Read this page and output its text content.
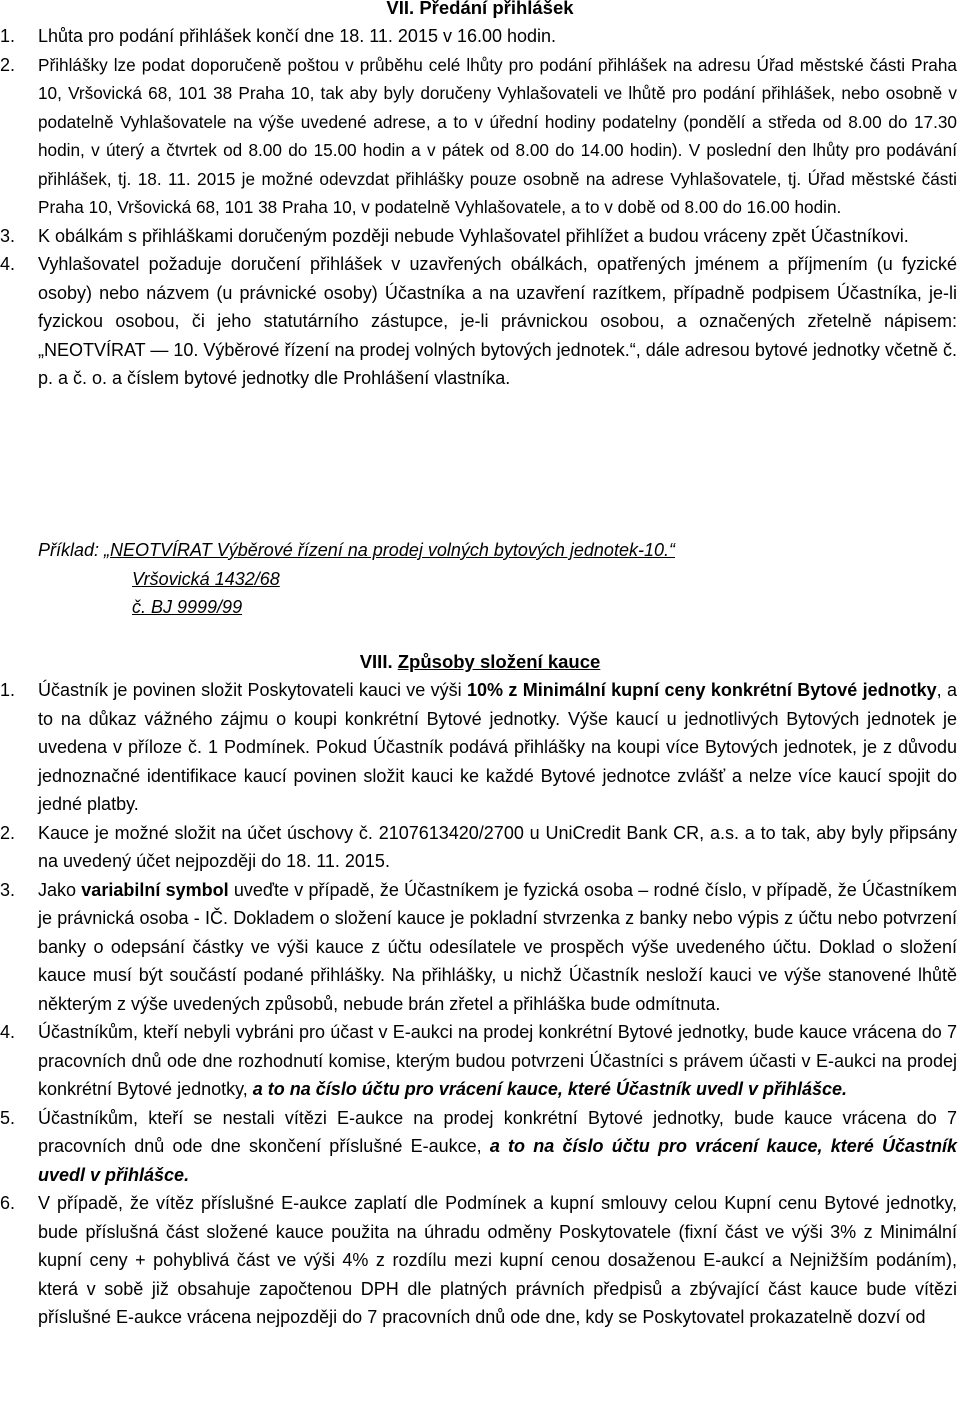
VII. Předání přihlášek
1. Lhůta pro podání přihlášek končí dne 18. 11. 2015 v 16.00 hodin.
2. Přihlášky lze podat doporučeně poštou v průběhu celé lhůty pro podání přihlášek na adresu Úřad městské části Praha 10, Vršovická 68, 101 38 Praha 10, tak aby byly doručeny Vyhlašovateli ve lhůtě pro podání přihlášek, nebo osobně v podatelně Vyhlašovatele na výše uvedené adrese, a to v úřední hodiny podatelny (pondělí a středa od 8.00 do 17.30 hodin, v úterý a čtvrtek od 8.00 do 15.00 hodin a v pátek od 8.00 do 14.00 hodin). V poslední den lhůty pro podávání přihlášek, tj. 18. 11. 2015 je možné odevzdat přihlášky pouze osobně na adrese Vyhlašovatele, tj. Úřad městské části Praha 10, Vršovická 68, 101 38 Praha 10, v podatelně Vyhlašovatele, a to v době od 8.00 do 16.00 hodin.
3. K obálkám s přihláškami doručeným později nebude Vyhlašovatel přihlížet a budou vráceny zpět Účastníkovi.
4. Vyhlašovatel požaduje doručení přihlášek v uzavřených obálkách, opatřených jménem a příjmením (u fyzické osoby) nebo názvem (u právnické osoby) Účastníka a na uzavření razítkem, případně podpisem Účastníka, je-li fyzickou osobou, či jeho statutárního zástupce, je-li právnickou osobou, a označených zřetelně nápisem: „NEOTVÍRAT — 10. Výběrové řízení na prodej volných bytových jednotek.“, dále adresou bytové jednotky včetně č. p. a č. o. a číslem bytové jednotky dle Prohlášení vlastníka.
Příklad: „NEOTVÍRAT Výběrové řízení na prodej volných bytových jednotek-10.“
Vršovická 1432/68
č. BJ 9999/99
VIII. Způsoby složení kauce
1. Účastník je povinen složit Poskytovateli kauci ve výši 10% z Minimální kupní ceny konkrétní Bytové jednotky, a to na důkaz vážného zájmu o koupi konkrétní Bytové jednotky. Výše kaucí u jednotlivých Bytových jednotek je uvedena v příloze č. 1 Podmínek. Pokud Účastník podává přihlášky na koupi více Bytových jednotek, je z důvodu jednoznačné identifikace kaucí povinen složit kauci ke každé Bytové jednotce zvlášť a nelze více kaucí spojit do jedné platby.
2. Kauce je možné složit na účet úschovy č. 2107613420/2700 u UniCredit Bank CR, a.s. a to tak, aby byly připsány na uvedený účet nejpozději do 18. 11. 2015.
3. Jako variabilní symbol uveďte v případě, že Účastníkem je fyzická osoba – rodné číslo, v případě, že Účastníkem je právnická osoba - IČ. Dokladem o složení kauce je pokladní stvrzenka z banky nebo výpis z účtu nebo potvrzení banky o odepsání částky ve výši kauce z účtu odesílatele ve prospěch výše uvedeného účtu. Doklad o složení kauce musí být součástí podané přihlášky. Na přihlášky, u nichž Účastník nesloží kauci ve výše stanovené lhůtě některým z výše uvedených způsobů, nebude brán zřetel a přihláška bude odmítnuta.
4. Účastníkům, kteří nebyli vybráni pro účast v E-aukci na prodej konkrétní Bytové jednotky, bude kauce vrácena do 7 pracovních dnů ode dne rozhodnutí komise, kterým budou potvrzeni Účastníci s právem účasti v E-aukci na prodej konkrétní Bytové jednotky, a to na číslo účtu pro vrácení kauce, které Účastník uvedl v přihlášce.
5. Účastníkům, kteří se nestali vítězi E-aukce na prodej konkrétní Bytové jednotky, bude kauce vrácena do 7 pracovních dnů ode dne skončení příslušné E-aukce, a to na číslo účtu pro vrácení kauce, které Účastník uvedl v přihlášce.
6. V případě, že vítěz příslušné E-aukce zaplatí dle Podmínek a kupní smlouvy celou Kupní cenu Bytové jednotky, bude příslušná část složené kauce použita na úhradu odměny Poskytovatele (fixní část ve výši 3% z Minimální kupní ceny + pohyblivá část ve výši 4% z rozdílu mezi kupní cenou dosaženou E-aukcí a Nejnižším podáním), která v sobě již obsahuje započtenou DPH dle platných právních předpisů a zbývající část kauce bude vítězi příslušné E-aukce vrácena nejpozději do 7 pracovních dnů ode dne, kdy se Poskytovatel prokazatelně dozví od
